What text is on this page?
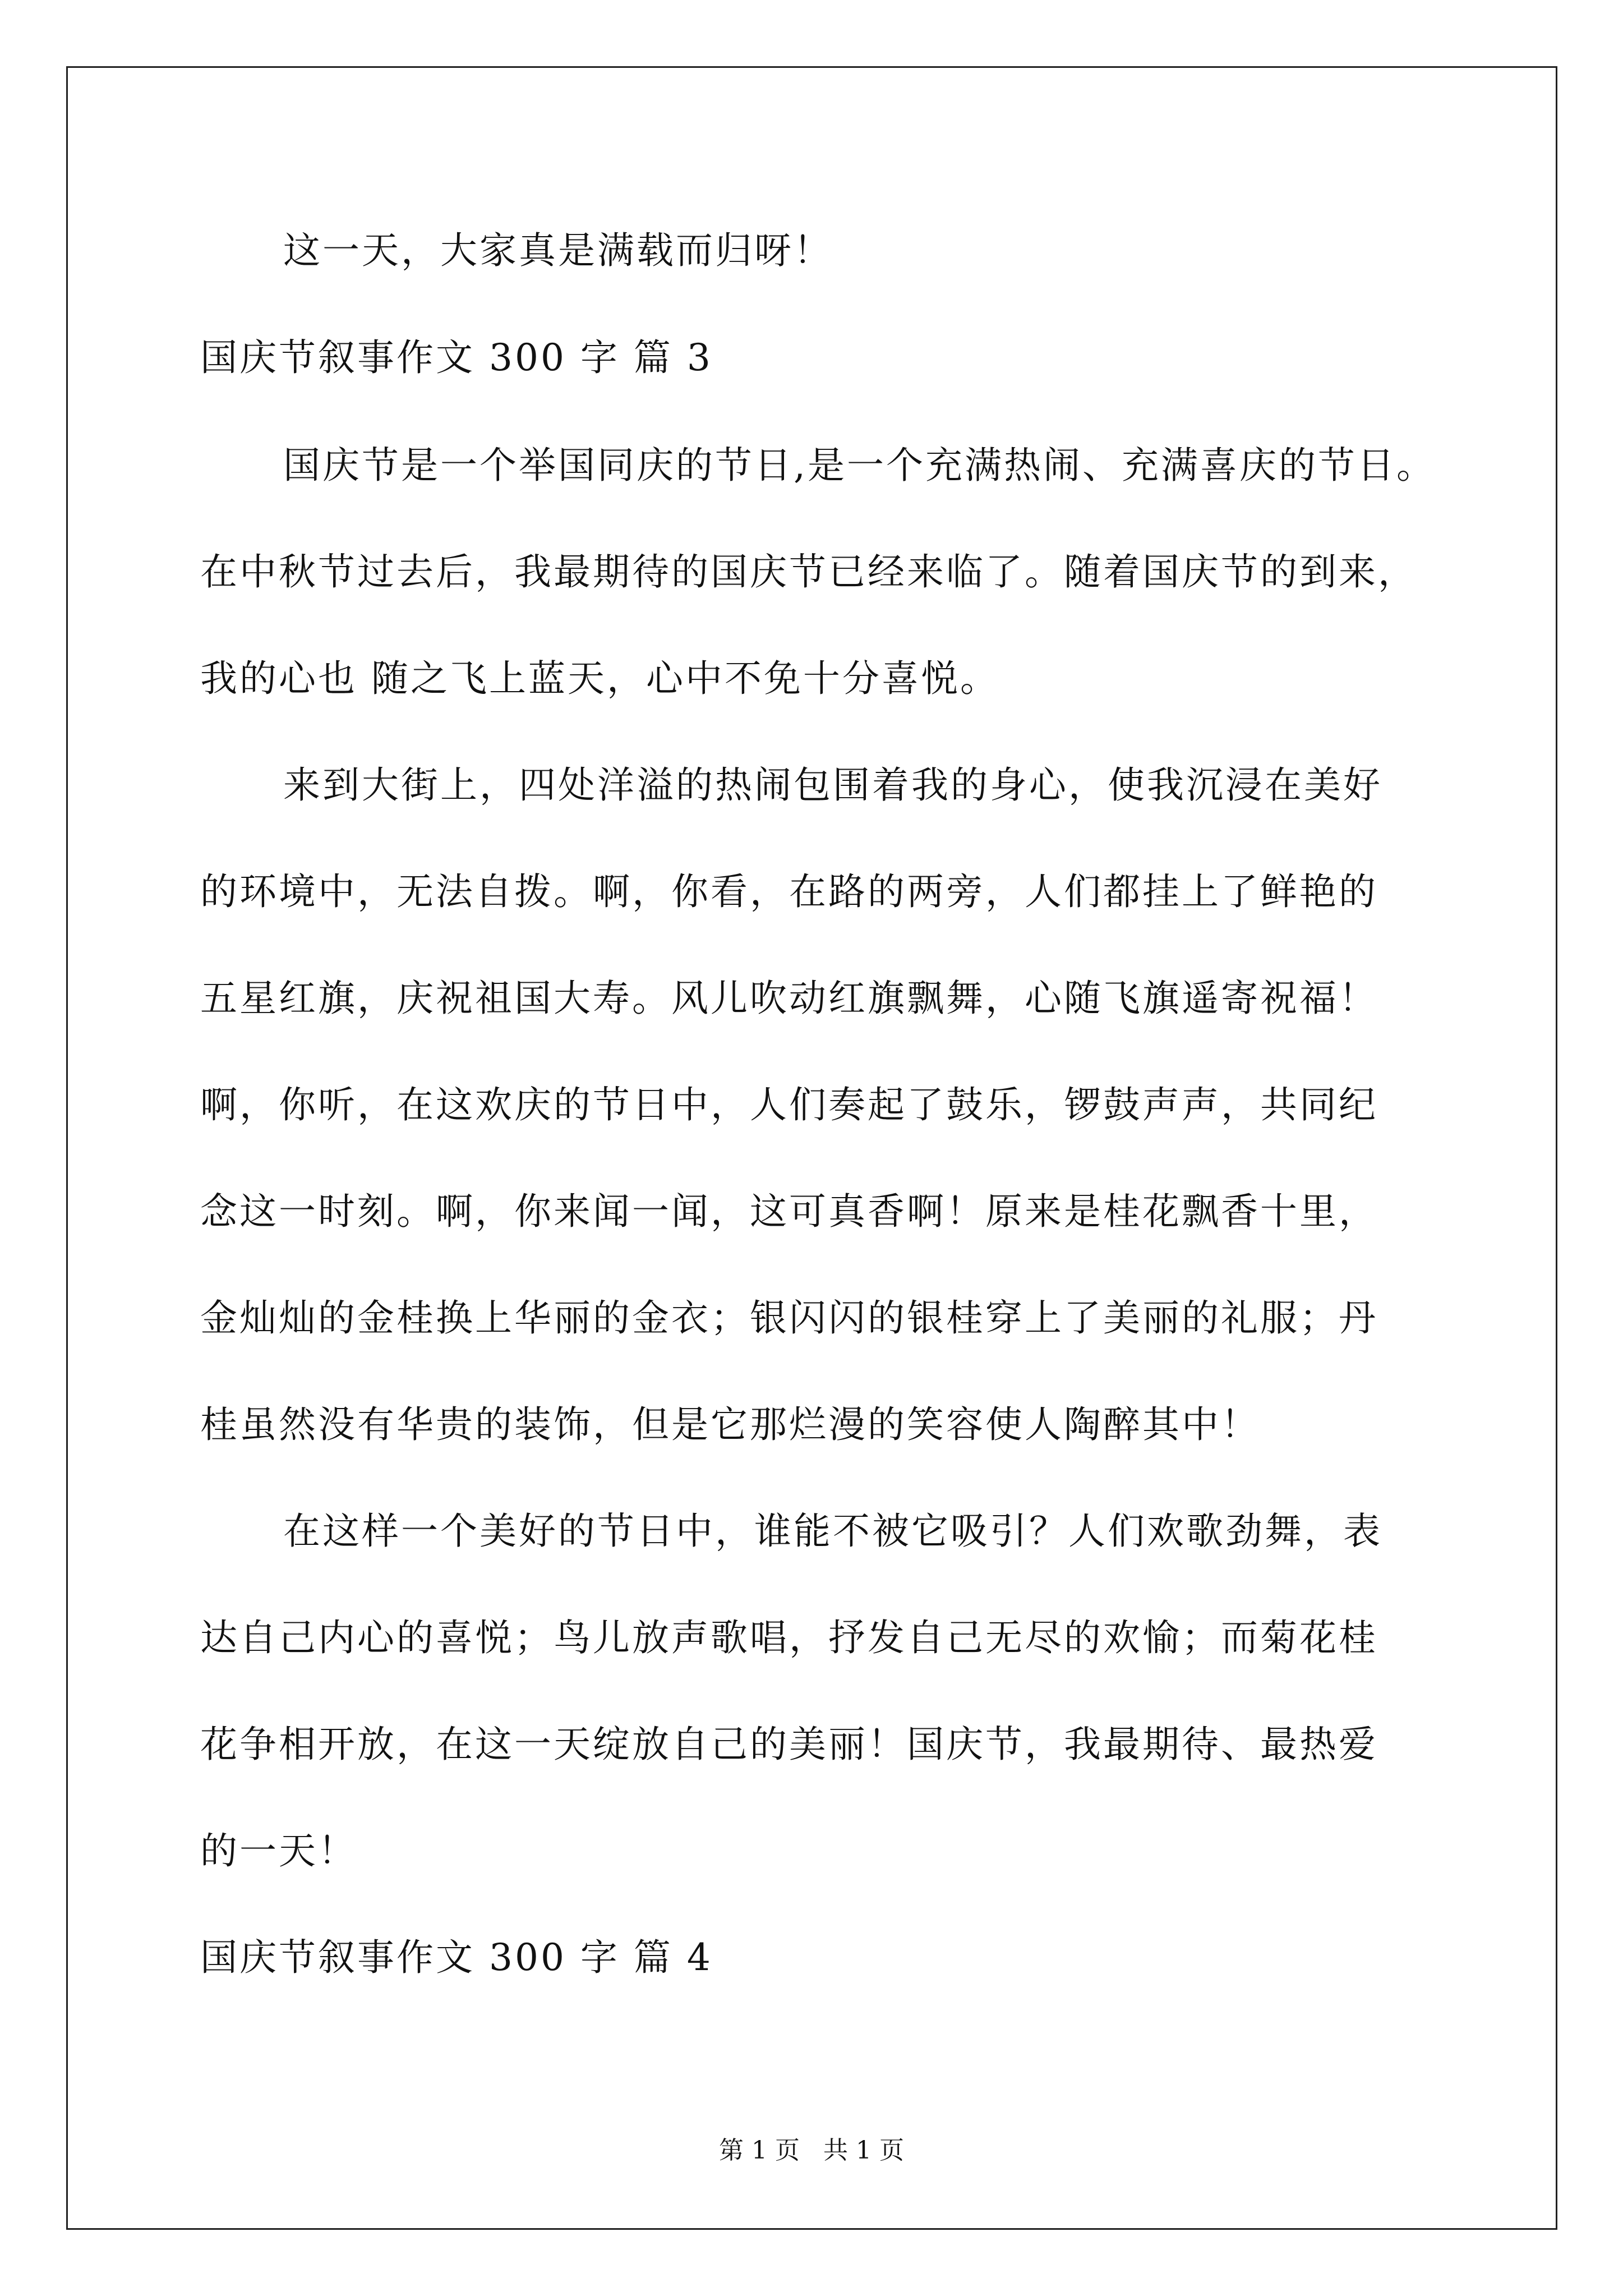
这一天，大家真是满载而归呀！
国庆节叙事作文 300 字 篇 3
国庆节是一个举国同庆的节日,是一个充满热闹、充满喜庆的节日。
在中秋节过去后，我最期待的国庆节已经来临了。随着国庆节的到来，
我的心也 随之飞上蓝天，心中不免十分喜悦。
来到大街上，四处洋溢的热闹包围着我的身心，使我沉浸在美好
的环境中，无法自拨。啊，你看，在路的两旁，人们都挂上了鲜艳的
五星红旗，庆祝祖国大寿。风儿吹动红旗飘舞，心随飞旗遥寄祝福！
啊，你听，在这欢庆的节日中，人们奏起了鼓乐，锣鼓声声，共同纪
念这一时刻。啊，你来闻一闻，这可真香啊！原来是桂花飘香十里，
金灿灿的金桂换上华丽的金衣；银闪闪的银桂穿上了美丽的礼服；丹
桂虽然没有华贵的装饰，但是它那烂漫的笑容使人陶醉其中！
在这样一个美好的节日中，谁能不被它吸引？人们欢歌劲舞，表
达自己内心的喜悦；鸟儿放声歌唱，抒发自己无尽的欢愉；而菊花桂
花争相开放，在这一天绽放自己的美丽！国庆节，我最期待、最热爱
的一天！
国庆节叙事作文 300 字 篇 4
第 1 页   共 1 页
